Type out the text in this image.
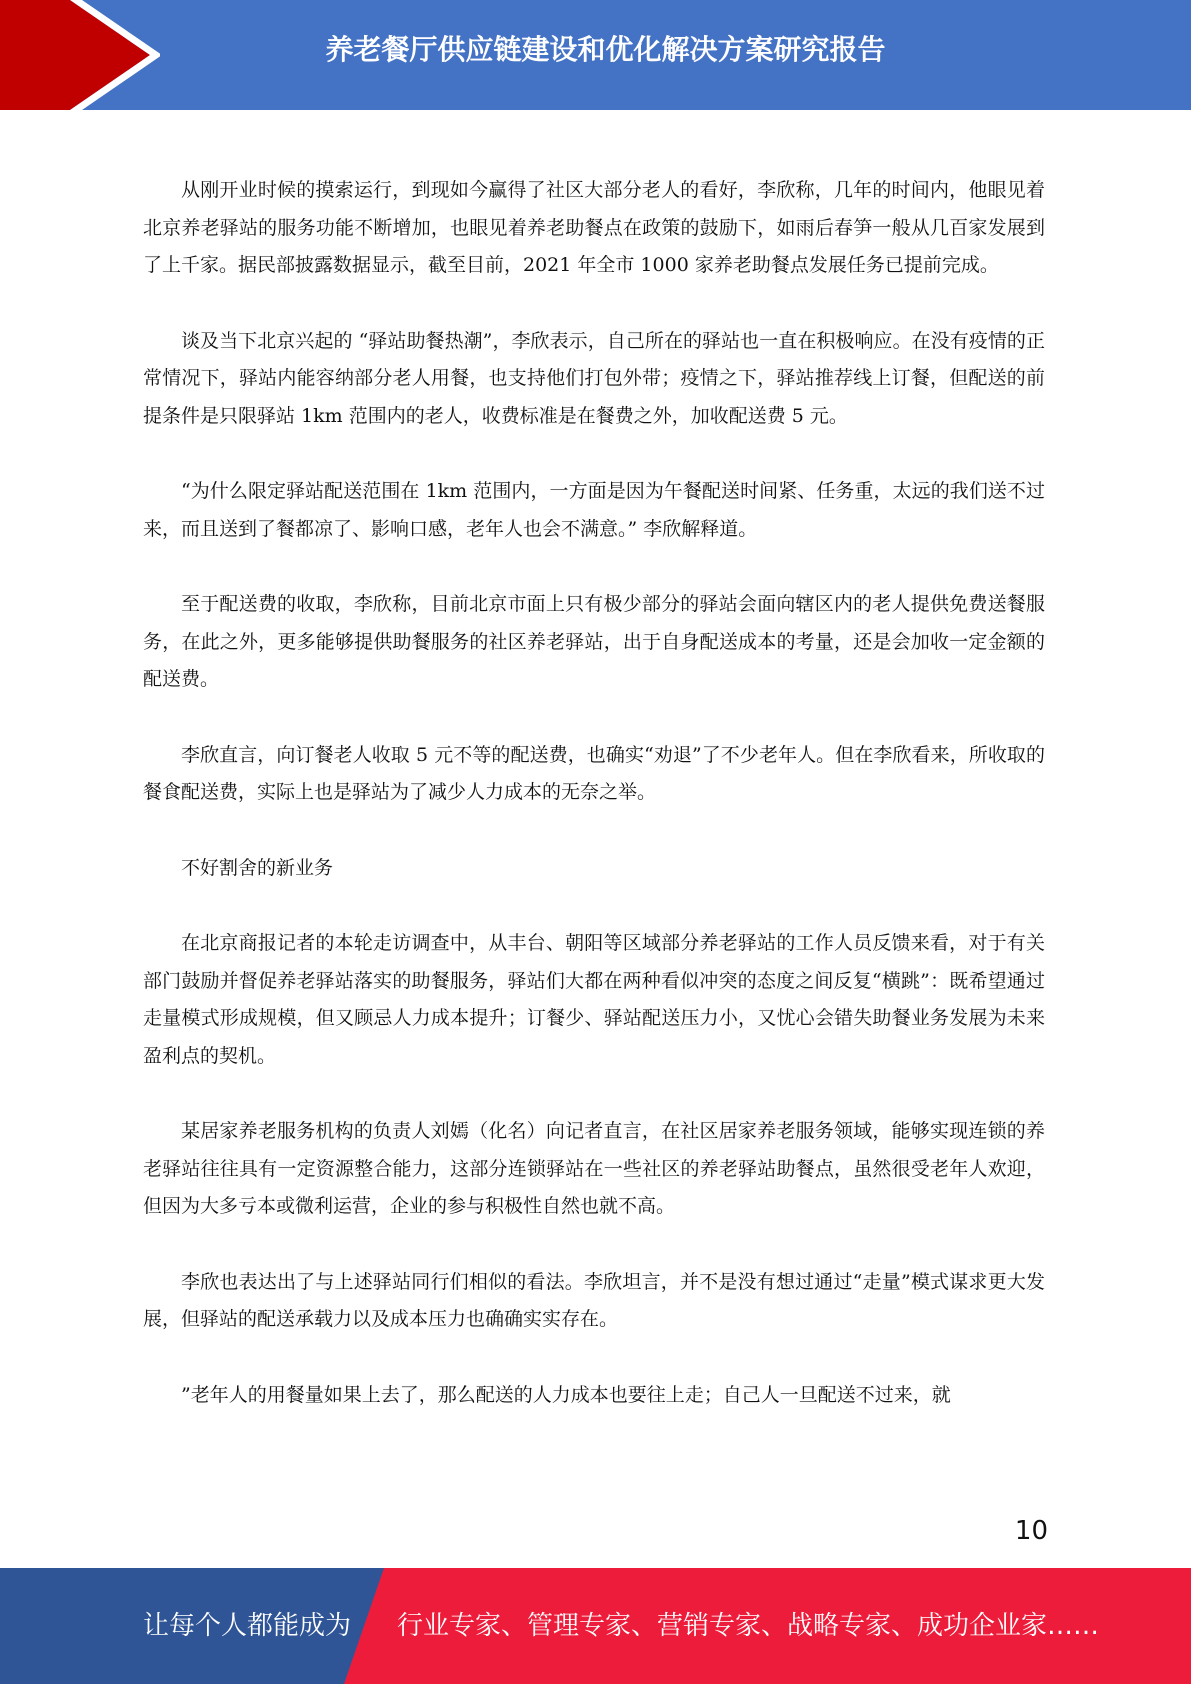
养老餐厅供应链建设和优化解决方案研究报告

从刚开业时候的摸索运行，到现如今赢得了社区大部分老人的看好，李欣称，几年的时间内，他眼见着北京养老驿站的服务功能不断增加，也眼见着养老助餐点在政策的鼓励下，如雨后春笋一般从几百家发展到了上千家。据民部披露数据显示，截至目前，2021 年全市 1000 家养老助餐点发展任务已提前完成。

谈及当下北京兴起的 “驿站助餐热潮”，李欣表示，自己所在的驿站也一直在积极响应。在没有疫情的正常情况下，驿站内能容纳部分老人用餐，也支持他们打包外带；疫情之下，驿站推荐线上订餐，但配送的前提条件是只限驿站 1km 范围内的老人，收费标准是在餐费之外，加收配送费 5 元。

“为什么限定驿站配送范围在 1km 范围内，一方面是因为午餐配送时间紧、任务重，太远的我们送不过来，而且送到了餐都凉了、影响口感，老年人也会不满意。” 李欣解释道。

至于配送费的收取，李欣称，目前北京市面上只有极少部分的驿站会面向辖区内的老人提供免费送餐服务，在此之外，更多能够提供助餐服务的社区养老驿站，出于自身配送成本的考量，还是会加收一定金额的配送费。

李欣直言，向订餐老人收取 5 元不等的配送费，也确实“劝退”了不少老年人。但在李欣看来，所收取的餐食配送费，实际上也是驿站为了减少人力成本的无奈之举。

不好割舍的新业务

在北京商报记者的本轮走访调查中，从丰台、朝阳等区域部分养老驿站的工作人员反馈来看，对于有关部门鼓励并督促养老驿站落实的助餐服务，驿站们大都在两种看似冲突的态度之间反复“横跳”：既希望通过走量模式形成规模，但又顾忌人力成本提升；订餐少、驿站配送压力小，又忧心会错失助餐业务发展为未来盈利点的契机。

某居家养老服务机构的负责人刘嫣（化名）向记者直言，在社区居家养老服务领域，能够实现连锁的养老驿站往往具有一定资源整合能力，这部分连锁驿站在一些社区的养老驿站助餐点，虽然很受老年人欢迎，但因为大多亏本或微利运营，企业的参与积极性自然也就不高。

李欣也表达出了与上述驿站同行们相似的看法。李欣坦言，并不是没有想过通过“走量”模式谋求更大发展，但驿站的配送承载力以及成本压力也确确实实存在。

”老年人的用餐量如果上去了，那么配送的人力成本也要往上走；自己人一旦配送不过来，就

10
让每个人都能成为 行业专家、管理专家、营销专家、战略专家、成功企业家……
